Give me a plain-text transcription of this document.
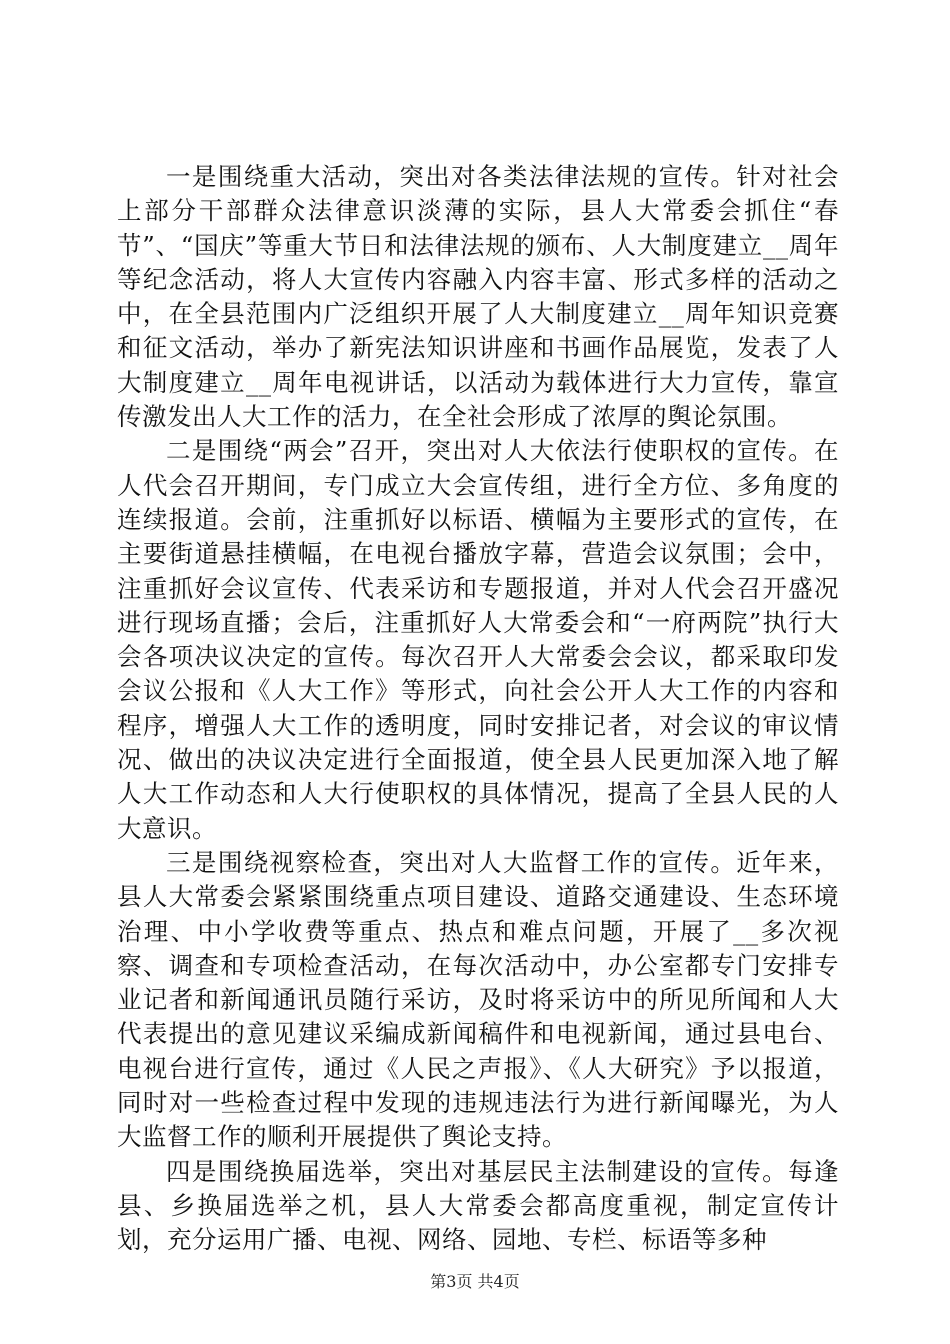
一是围绕重大活动，突出对各类法律法规的宣传。针对社会上部分干部群众法律意识淡薄的实际，县人大常委会抓住“春节”、“国庆”等重大节日和法律法规的颁布、人大制度建立__周年等纪念活动，将人大宣传内容融入内容丰富、形式多样的活动之中，在全县范围内广泛组织开展了人大制度建立__周年知识竞赛和征文活动，举办了新宪法知识讲座和书画作品展览，发表了人大制度建立__周年电视讲话，以活动为载体进行大力宣传，靠宣传激发出人大工作的活力，在全社会形成了浓厚的舆论氛围。

二是围绕“两会”召开，突出对人大依法行使职权的宣传。在人代会召开期间，专门成立大会宣传组，进行全方位、多角度的连续报道。会前，注重抓好以标语、横幅为主要形式的宣传，在主要街道悬挂横幅，在电视台播放字幕，营造会议氛围；会中，注重抓好会议宣传、代表采访和专题报道，并对人代会召开盛况进行现场直播；会后，注重抓好人大常委会和“一府两院”执行大会各项决议决定的宣传。每次召开人大常委会会议，都采取印发会议公报和《人大工作》等形式，向社会公开人大工作的内容和程序，增强人大工作的透明度，同时安排记者，对会议的审议情况、做出的决议决定进行全面报道，使全县人民更加深入地了解人大工作动态和人大行使职权的具体情况，提高了全县人民的人大意识。

三是围绕视察检查，突出对人大监督工作的宣传。近年来，县人大常委会紧紧围绕重点项目建设、道路交通建设、生态环境治理、中小学收费等重点、热点和难点问题，开展了__多次视察、调查和专项检查活动，在每次活动中，办公室都专门安排专业记者和新闻通讯员随行采访，及时将采访中的所见所闻和人大代表提出的意见建议采编成新闻稿件和电视新闻，通过县电台、电视台进行宣传，通过《人民之声报》、《人大研究》予以报道，同时对一些检查过程中发现的违规违法行为进行新闻曝光，为人大监督工作的顺利开展提供了舆论支持。

四是围绕换届选举，突出对基层民主法制建设的宣传。每逢县、乡换届选举之机，县人大常委会都高度重视，制定宣传计划，充分运用广播、电视、网络、园地、专栏、标语等多种

第3页 共4页
